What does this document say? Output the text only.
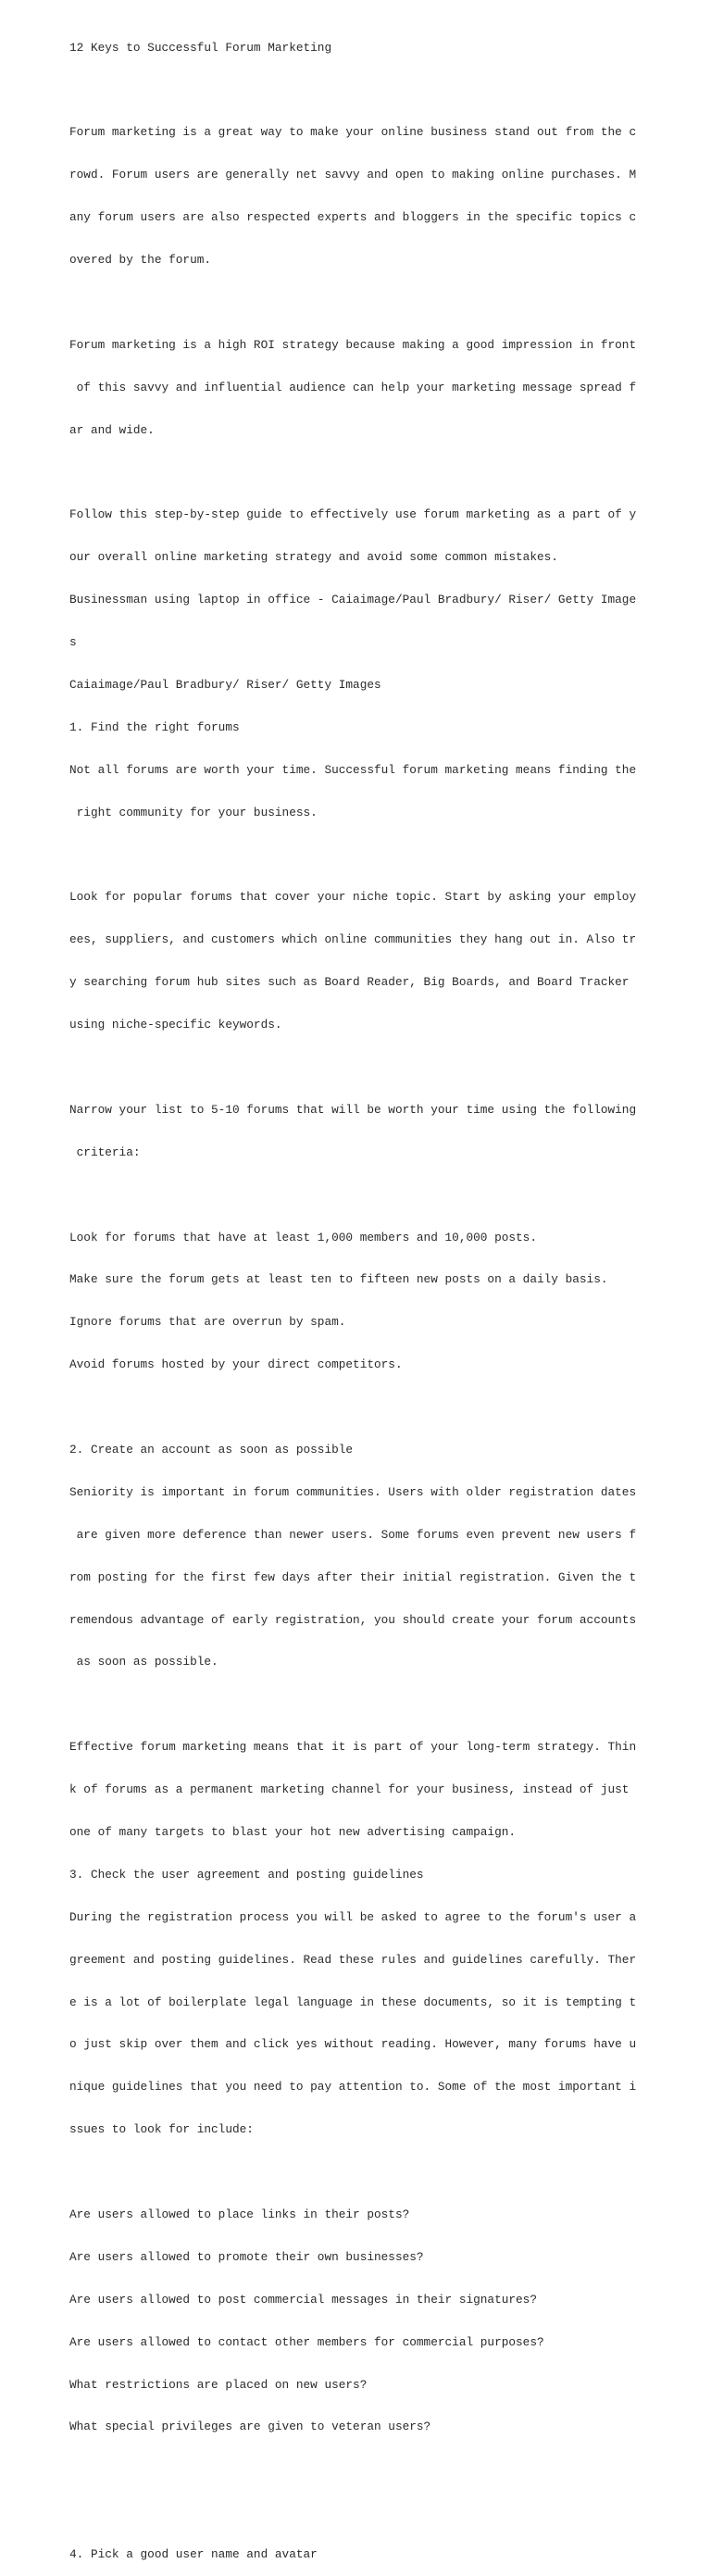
12 Keys to Successful Forum Marketing

Forum marketing is a great way to make your online business stand out from the c

rowd. Forum users are generally net savvy and open to making online purchases. M

any forum users are also respected experts and bloggers in the specific topics c

overed by the forum.

Forum marketing is a high ROI strategy because making a good impression in front

of this savvy and influential audience can help your marketing message spread f

ar and wide.

Follow this step-by-step guide to effectively use forum marketing as a part of y

our overall online marketing strategy and avoid some common mistakes.

Businessman using laptop in office - Caiaimage/Paul Bradbury/ Riser/ Getty Image

s

Caiaimage/Paul Bradbury/ Riser/ Getty Images

1. Find the right forums

Not all forums are worth your time. Successful forum marketing means finding the

right community for your business.

Look for popular forums that cover your niche topic. Start by asking your employ

ees, suppliers, and customers which online communities they hang out in. Also tr

y searching forum hub sites such as Board Reader, Big Boards, and Board Tracker

using niche-specific keywords.

Narrow your list to 5-10 forums that will be worth your time using the following

criteria:

Look for forums that have at least 1,000 members and 10,000 posts.

Make sure the forum gets at least ten to fifteen new posts on a daily basis.

Ignore forums that are overrun by spam.

Avoid forums hosted by your direct competitors.

2. Create an account as soon as possible

Seniority is important in forum communities. Users with older registration dates

are given more deference than newer users. Some forums even prevent new users f

rom posting for the first few days after their initial registration. Given the t

remendous advantage of early registration, you should create your forum accounts

as soon as possible.

Effective forum marketing means that it is part of your long-term strategy. Thin

k of forums as a permanent marketing channel for your business, instead of just

one of many targets to blast your hot new advertising campaign.

3. Check the user agreement and posting guidelines

During the registration process you will be asked to agree to the forum's user a

greement and posting guidelines. Read these rules and guidelines carefully. Ther

e is a lot of boilerplate legal language in these documents, so it is tempting t

o just skip over them and click yes without reading. However, many forums have u

nique guidelines that you need to pay attention to. Some of the most important i

ssues to look for include:

Are users allowed to place links in their posts?

Are users allowed to promote their own businesses?

Are users allowed to post commercial messages in their signatures?

Are users allowed to contact other members for commercial purposes?

What restrictions are placed on new users?

What special privileges are given to veteran users?

4. Pick a good user name and avatar
